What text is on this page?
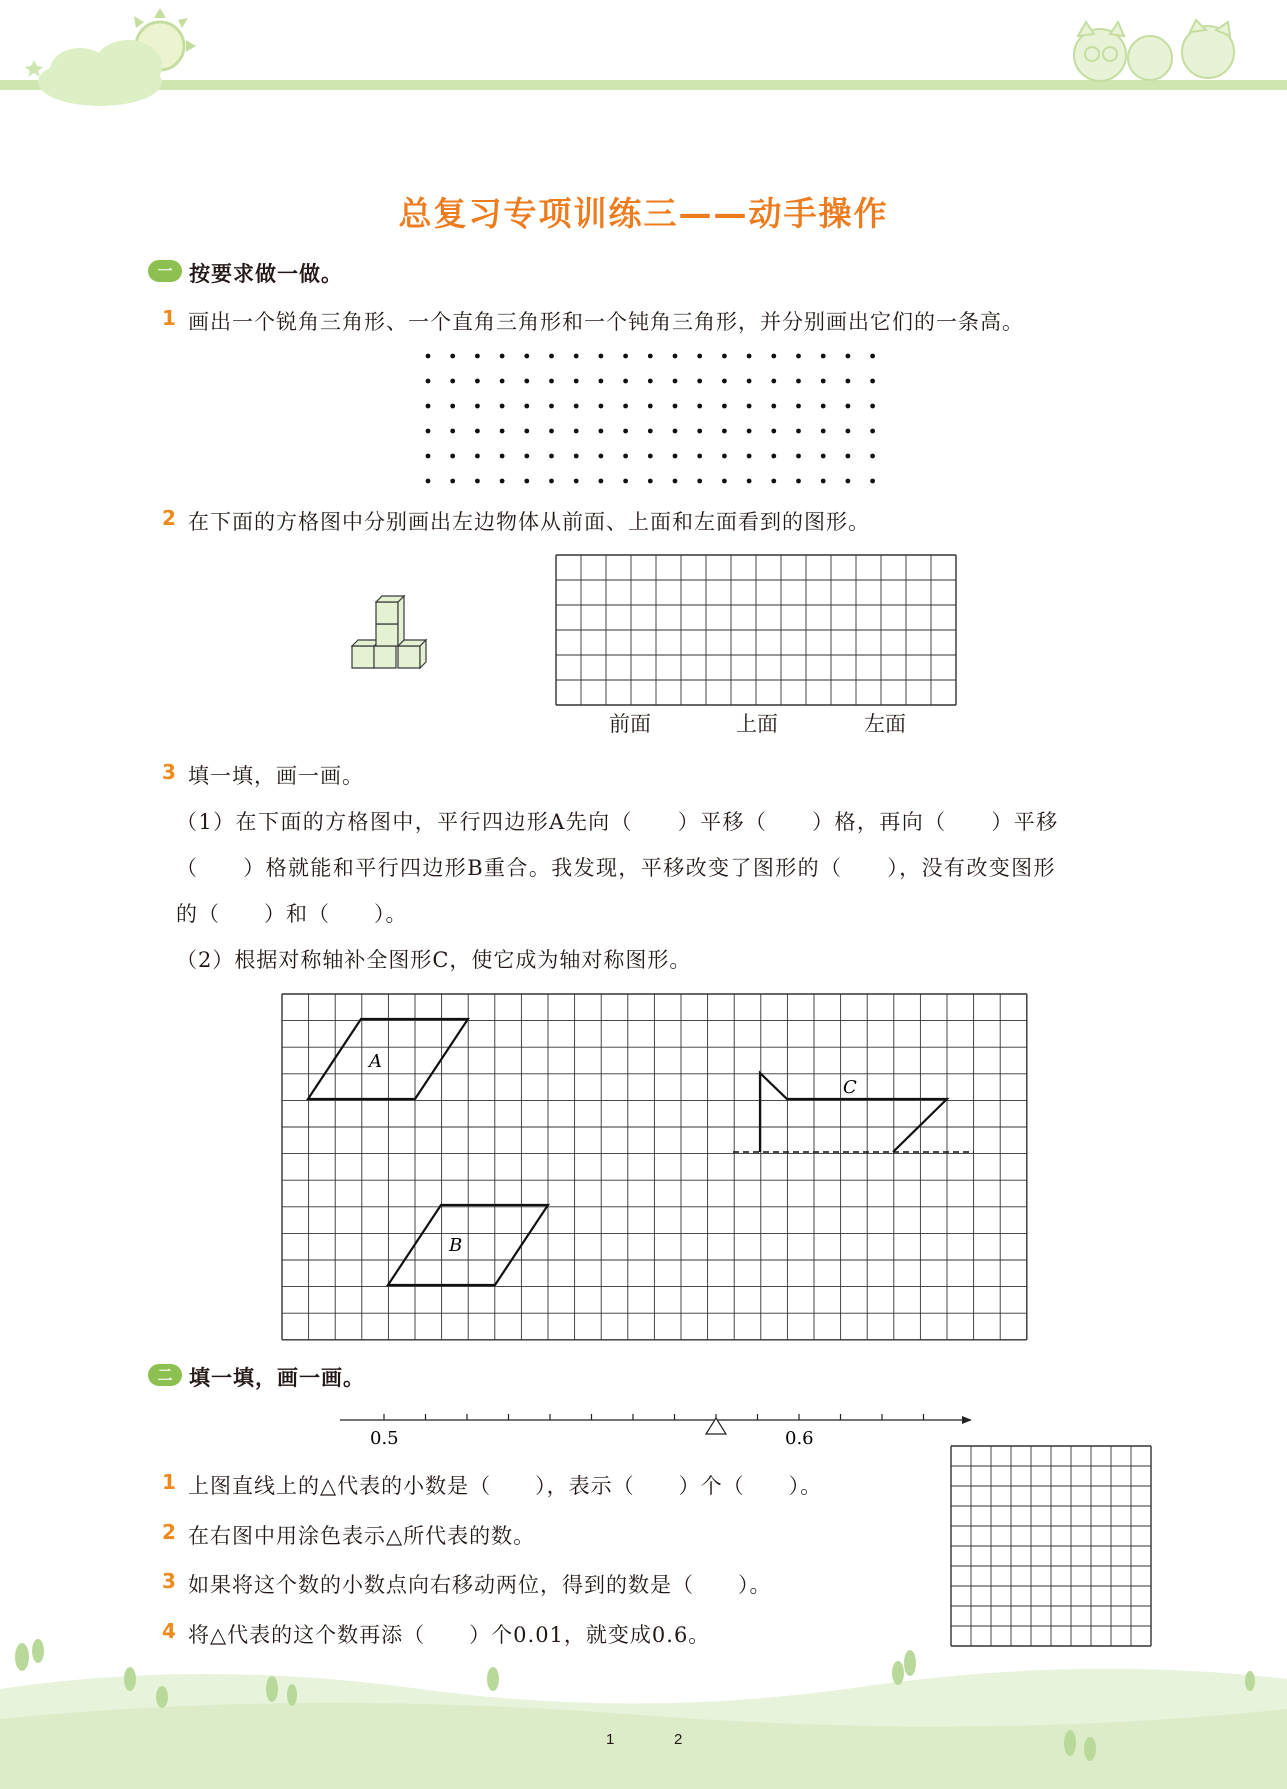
总复习专项训练三——动手操作
一 按要求做一做。
1 画出一个锐角三角形、一个直角三角形和一个钝角三角形，并分别画出它们的一条高。
2 在下面的方格图中分别画出左边物体从前面、上面和左面看到的图形。
前面	上面	左面
3 填一填，画一画。
（1）在下面的方格图中，平行四边形A先向（　　）平移（　　）格，再向（　　）平移
（　　）格就能和平行四边形B重合。我发现，平移改变了图形的（　　），没有改变图形
的（　　）和（　　）。
（2）根据对称轴补全图形C，使它成为轴对称图形。
A
B
C
二 填一填，画一画。
0.5	0.6
1 上图直线上的△代表的小数是（　　），表示（　　）个（　　）。
2 在右图中用涂色表示△所代表的数。
3 如果将这个数的小数点向右移动两位，得到的数是（　　）。
4 将△代表的这个数再添（　　）个0.01，就变成0.6。
1	2
